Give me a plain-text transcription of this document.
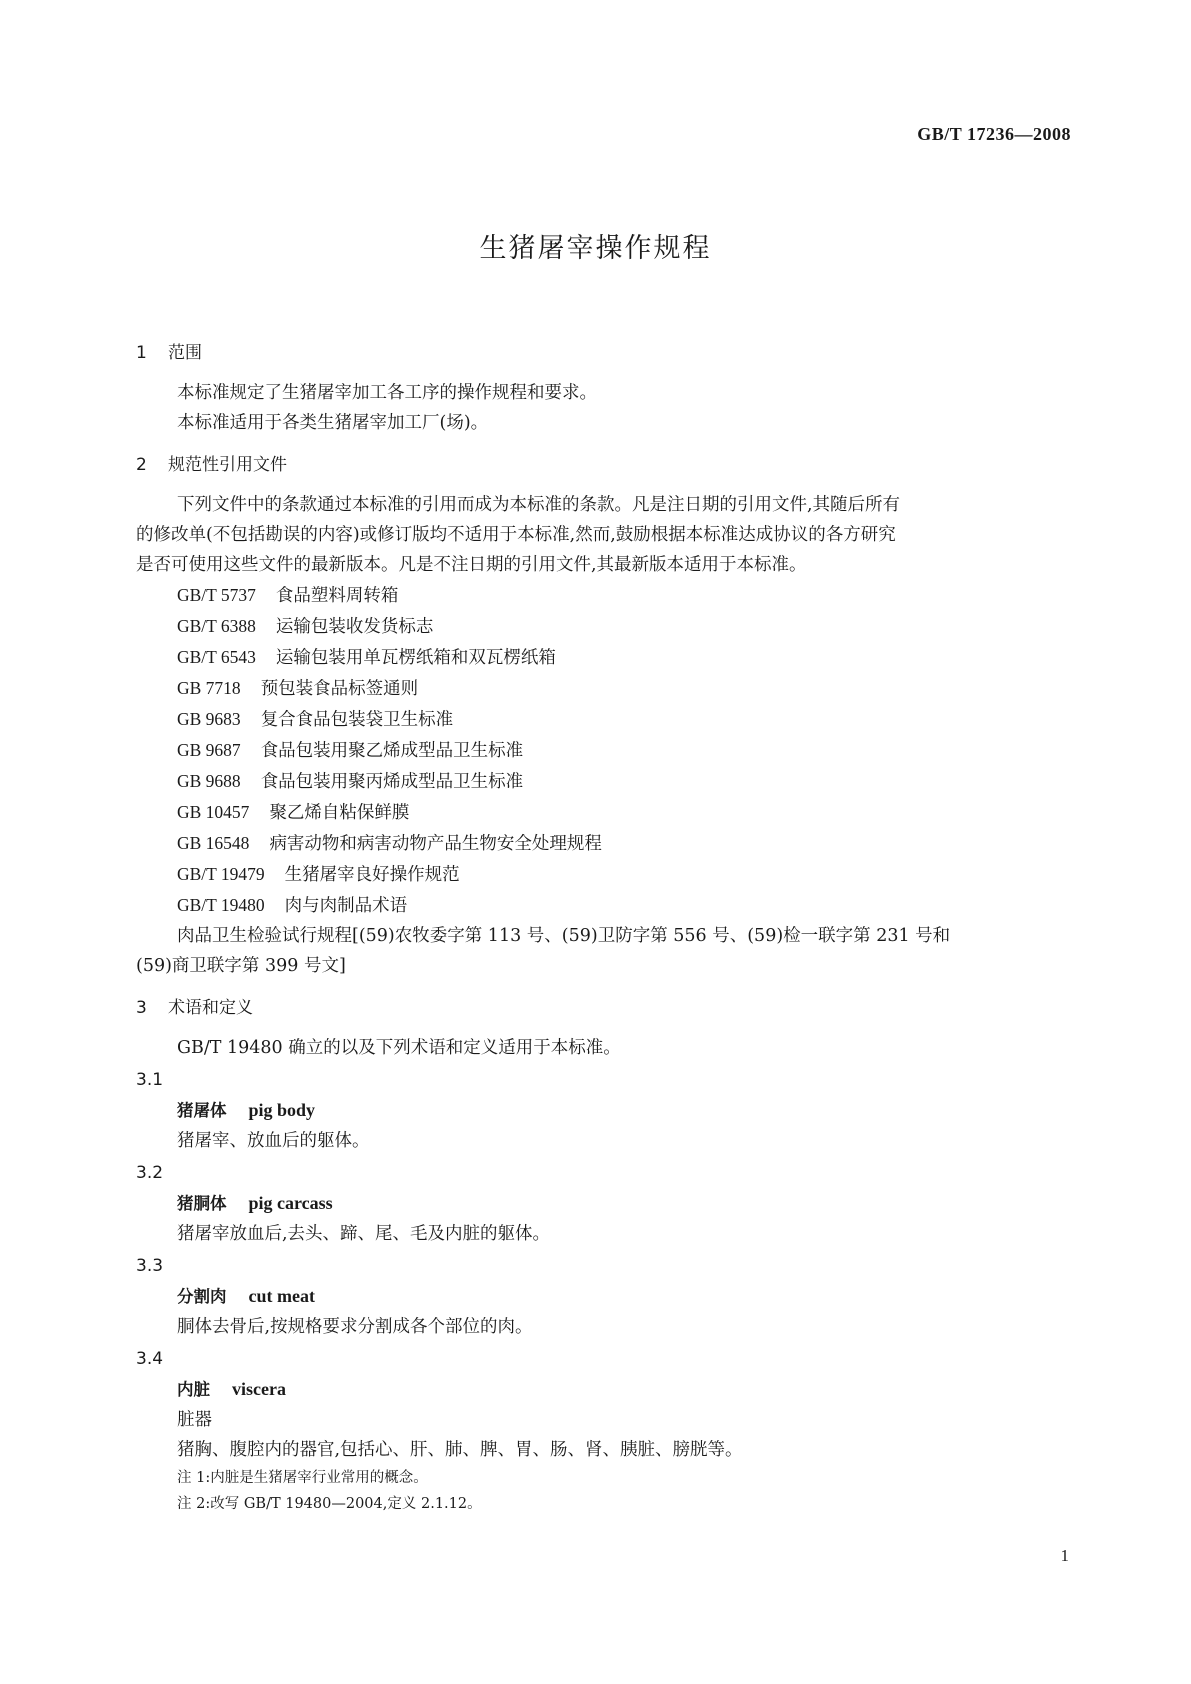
GB/T 17236—2008
生猪屠宰操作规程
1 范围

本标准规定了生猪屠宰加工各工序的操作规程和要求。

本标准适用于各类生猪屠宰加工厂(场)。

2 规范性引用文件
下列文件中的条款通过本标准的引用而成为本标准的条款。凡是注日期的引用文件,其随后所有
的修改单(不包括勘误的内容)或修订版均不适用于本标准,然而,鼓励根据本标准达成协议的各方研究
是否可使用这些文件的最新版本。凡是不注日期的引用文件,其最新版本适用于本标准。
GB/T 5737 食品塑料周转箱
GB/T 6388 运输包装收发货标志
GB/T 6543 运输包装用单瓦楞纸箱和双瓦楞纸箱
GB 7718 预包装食品标签通则
GB 9683 复合食品包装袋卫生标准
GB 9687 食品包装用聚乙烯成型品卫生标准
GB 9688 食品包装用聚丙烯成型品卫生标准
GB 10457 聚乙烯自粘保鲜膜
GB 16548 病害动物和病害动物产品生物安全处理规程
GB/T 19479 生猪屠宰良好操作规范
GB/T 19480 肉与肉制品术语
肉品卫生检验试行规程[(59)农牧委字第 113 号、(59)卫防字第 556 号、(59)检一联字第 231 号和
(59)商卫联字第 399 号文]
3 术语和定义
GB/T 19480 确立的以及下列术语和定义适用于本标准。
3.1
猪屠体 pig body
猪屠宰、放血后的躯体。
3.2
猪胴体 pig carcass
猪屠宰放血后,去头、蹄、尾、毛及内脏的躯体。
3.3
分割肉 cut meat
胴体去骨后,按规格要求分割成各个部位的肉。
3.4
内脏 viscera
脏器
猪胸、腹腔内的器官,包括心、肝、肺、脾、胃、肠、肾、胰脏、膀胱等。
注 1:内脏是生猪屠宰行业常用的概念。
注 2:改写 GB/T 19480—2004,定义 2.1.12。
1
